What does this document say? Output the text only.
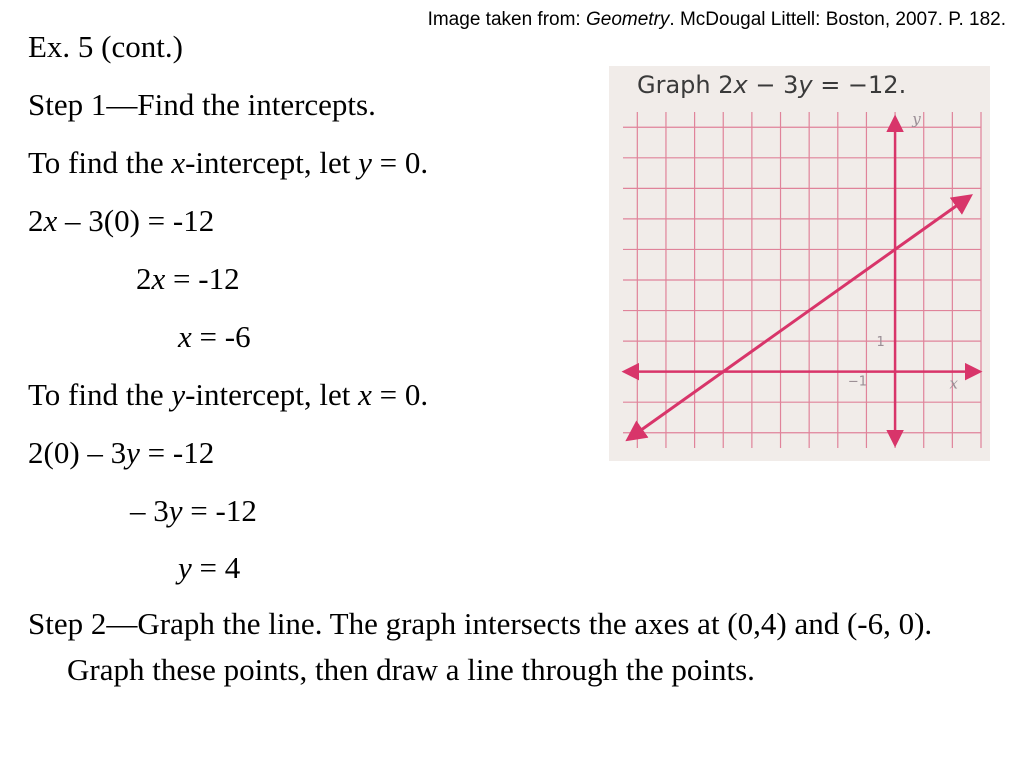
Image taken from: Geometry. McDougal Littell: Boston, 2007. P. 182.
Ex. 5 (cont.)
Step 1—Find the intercepts.
To find the x-intercept, let y = 0.
2x – 3(0) = -12
2x = -12
x = -6
To find the y-intercept, let x = 0.
2(0) – 3y = -12
– 3y = -12
y = 4
Step 2—Graph the line. The graph intersects the axes at (0,4) and (-6, 0). Graph these points, then draw a line through the points.
Graph 2x − 3y = −12.
x
y
−1
1
